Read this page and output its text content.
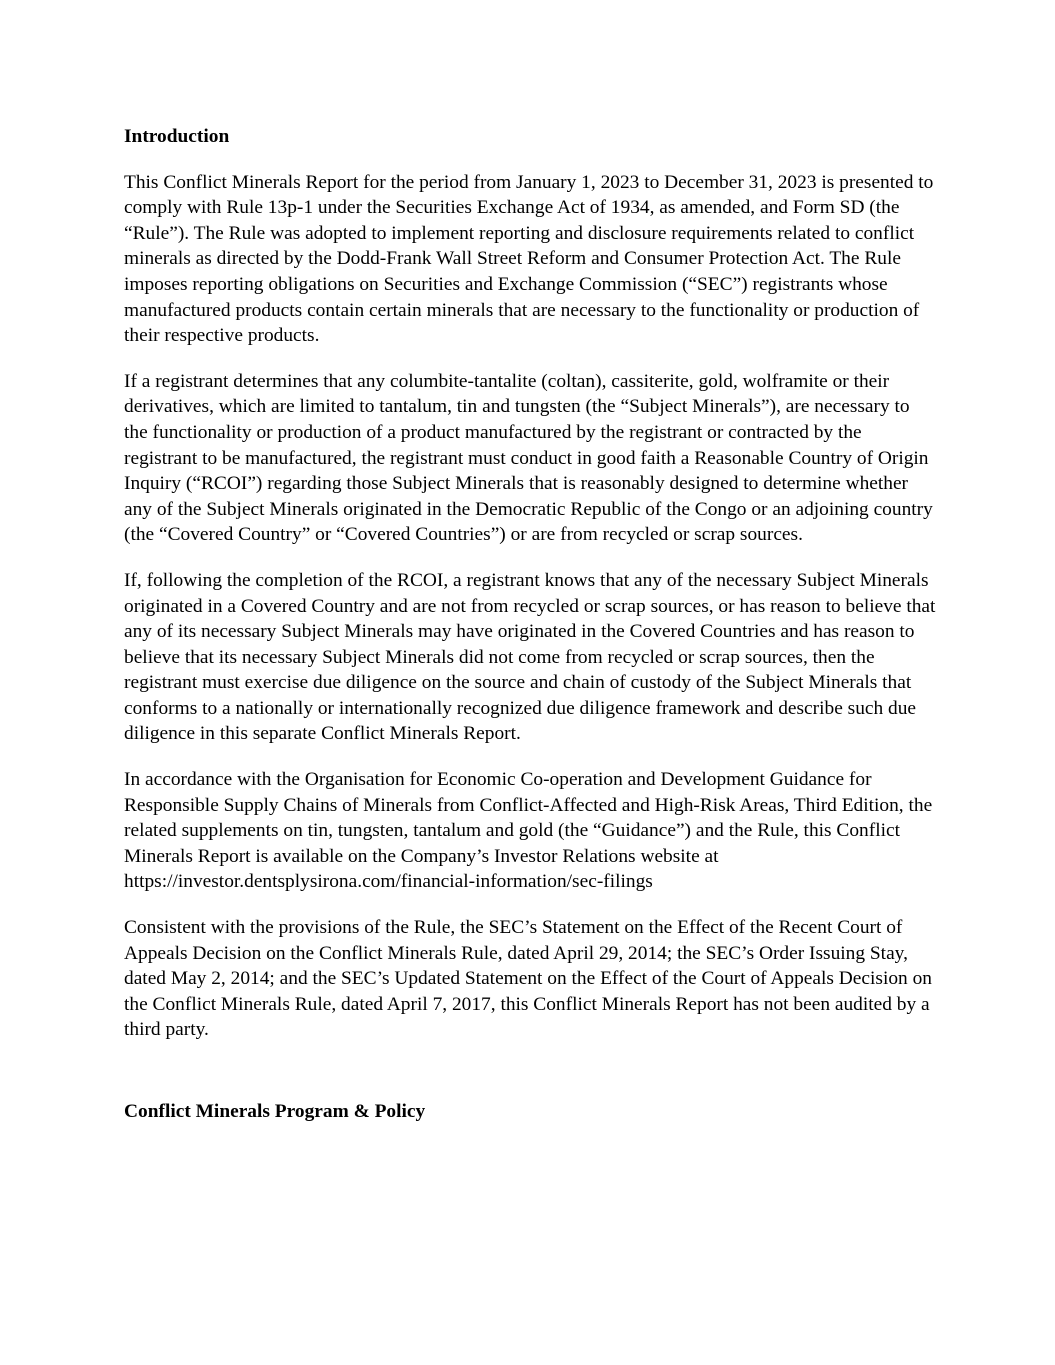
Introduction

This Conflict Minerals Report for the period from January 1, 2023 to December 31, 2023 is presented to comply with Rule 13p-1 under the Securities Exchange Act of 1934, as amended, and Form SD (the “Rule”). The Rule was adopted to implement reporting and disclosure requirements related to conflict minerals as directed by the Dodd-Frank Wall Street Reform and Consumer Protection Act. The Rule imposes reporting obligations on Securities and Exchange Commission (“SEC”) registrants whose manufactured products contain certain minerals that are necessary to the functionality or production of their respective products.

If a registrant determines that any columbite-tantalite (coltan), cassiterite, gold, wolframite or their derivatives, which are limited to tantalum, tin and tungsten (the “Subject Minerals”), are necessary to the functionality or production of a product manufactured by the registrant or contracted by the registrant to be manufactured, the registrant must conduct in good faith a Reasonable Country of Origin Inquiry (“RCOI”) regarding those Subject Minerals that is reasonably designed to determine whether any of the Subject Minerals originated in the Democratic Republic of the Congo or an adjoining country (the “Covered Country” or “Covered Countries”) or are from recycled or scrap sources.

If, following the completion of the RCOI, a registrant knows that any of the necessary Subject Minerals originated in a Covered Country and are not from recycled or scrap sources, or has reason to believe that any of its necessary Subject Minerals may have originated in the Covered Countries and has reason to believe that its necessary Subject Minerals did not come from recycled or scrap sources, then the registrant must exercise due diligence on the source and chain of custody of the Subject Minerals that conforms to a nationally or internationally recognized due diligence framework and describe such due diligence in this separate Conflict Minerals Report.

In accordance with the Organisation for Economic Co-operation and Development Guidance for Responsible Supply Chains of Minerals from Conflict-Affected and High-Risk Areas, Third Edition, the related supplements on tin, tungsten, tantalum and gold (the “Guidance”) and the Rule, this Conflict Minerals Report is available on the Company’s Investor Relations website at https://investor.dentsplysirona.com/financial-information/sec-filings

Consistent with the provisions of the Rule, the SEC’s Statement on the Effect of the Recent Court of Appeals Decision on the Conflict Minerals Rule, dated April 29, 2014; the SEC’s Order Issuing Stay, dated May 2, 2014; and the SEC’s Updated Statement on the Effect of the Court of Appeals Decision on the Conflict Minerals Rule, dated April 7, 2017, this Conflict Minerals Report has not been audited by a third party.

Conflict Minerals Program & Policy
